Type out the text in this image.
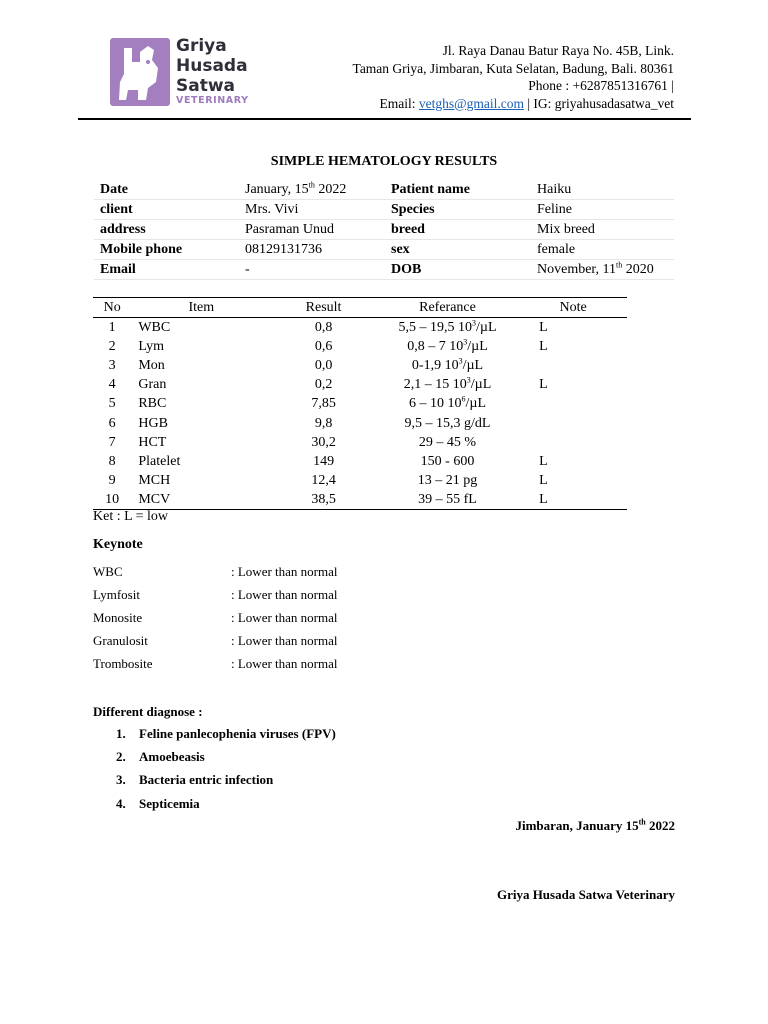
Griya
Husada
Satwa
VETERINARY
Jl. Raya Danau Batur Raya No. 45B, Link.
Taman Griya, Jimbaran, Kuta Selatan, Badung, Bali. 80361
Phone : +6287851316761 |
Email: vetghs@gmail.com | IG: griyahusadasatwa_vet
SIMPLE HEMATOLOGY RESULTS
Date	January, 15th 2022	Patient name	Haiku
client	Mrs. Vivi	Species	Feline
address	Pasraman Unud	breed	Mix breed
Mobile phone	08129131736	sex	female
Email	-	DOB	November, 11th 2020
No	Item	Result	Referance	Note
1	WBC	0,8	5,5 – 19,5 $10^3/\mu L$	L
2	Lym	0,6	0,8 – 7 $10^3/\mu L$	L
3	Mon	0,0	0-1,9 $10^3/\mu L$	
4	Gran	0,2	2,1 – 15 $10^3/\mu L$	L
5	RBC	7,85	6 – 10 $10^6/\mu L$	
6	HGB	9,8	9,5 – 15,3 g/dL	
7	HCT	30,2	29 – 45 %	
8	Platelet	149	150 - 600	L
9	MCH	12,4	13 – 21 pg	L
10	MCV	38,5	39 – 55 fL	L
Ket : L = low
Keynote
WBC	: Lower than normal
Lymfosit	: Lower than normal
Monosite	: Lower than normal
Granulosit	: Lower than normal
Trombosite	: Lower than normal
Different diagnose :
1. Feline panlecophenia viruses (FPV)
2. Amoebeasis
3. Bacteria entric infection
4. Septicemia
Jimbaran, January 15th 2022
Griya Husada Satwa Veterinary
